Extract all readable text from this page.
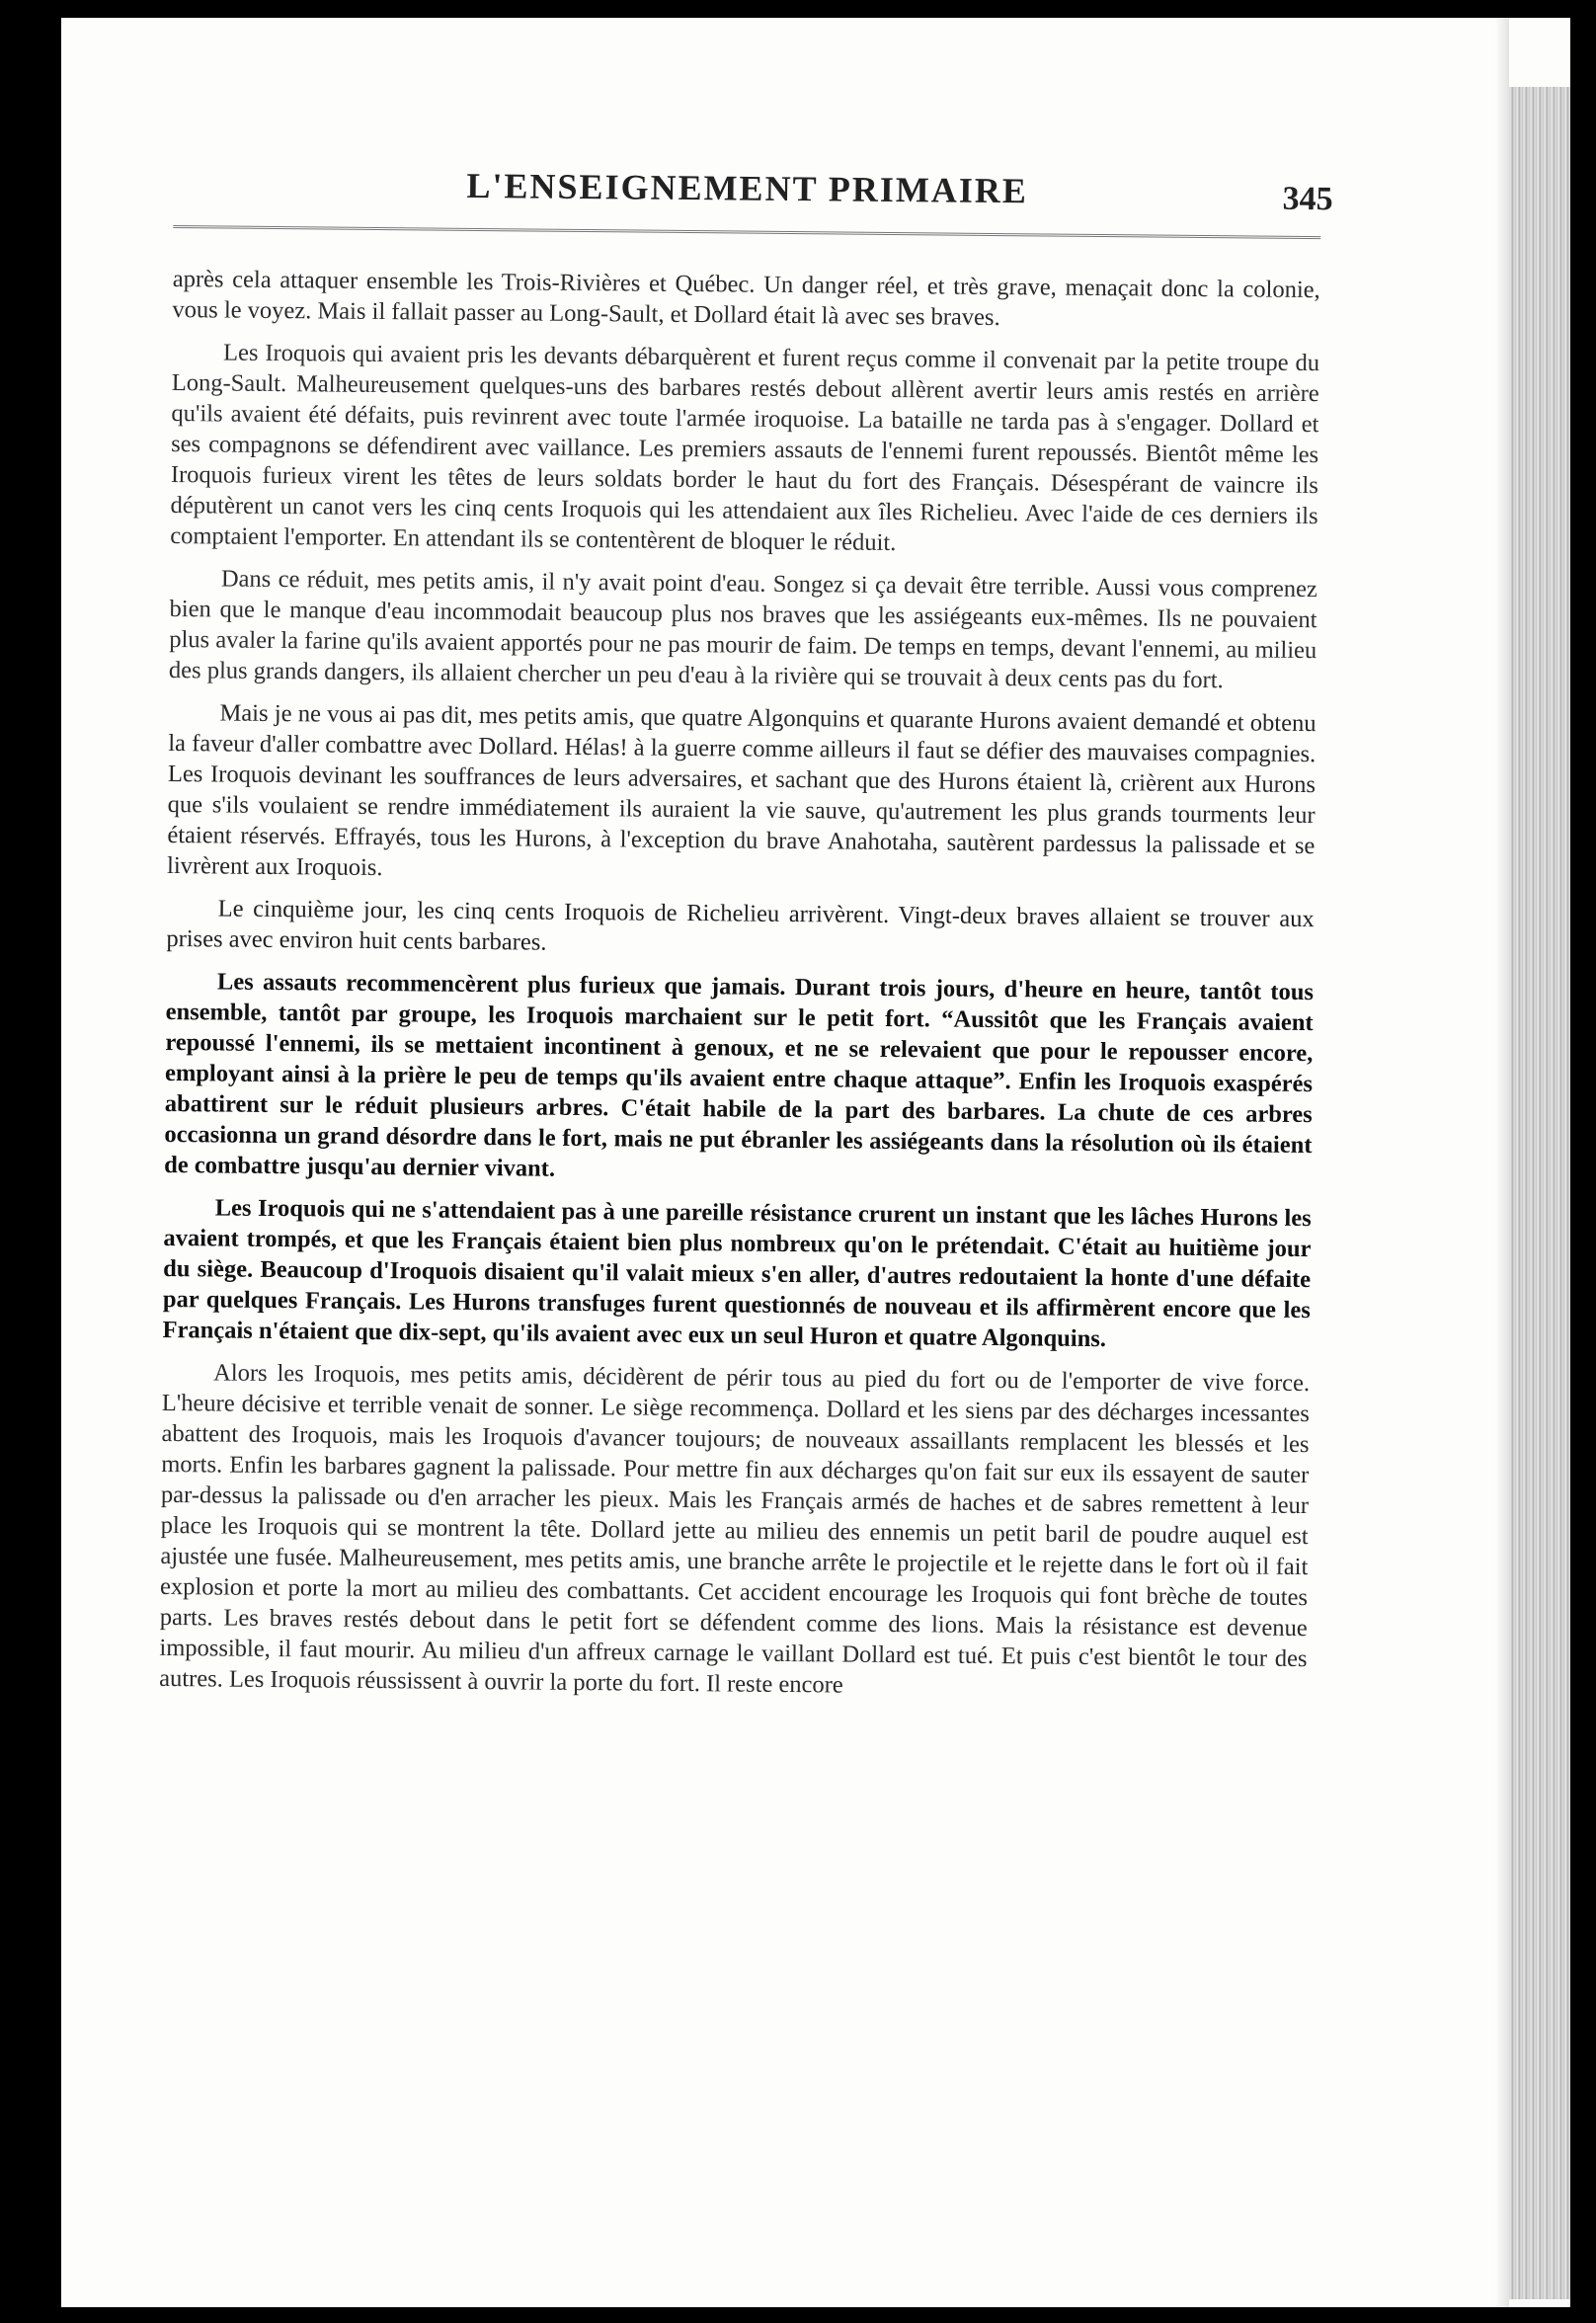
L'ENSEIGNEMENT PRIMAIRE	345

après cela attaquer ensemble les Trois-Rivières et Québec. Un danger réel, et très grave, menaçait donc la colonie, vous le voyez. Mais il fallait passer au Long-Sault, et Dollard était là avec ses braves.

Les Iroquois qui avaient pris les devants débarquèrent et furent reçus comme il convenait par la petite troupe du Long-Sault. Malheureusement quelques-uns des barbares restés debout allèrent avertir leurs amis restés en arrière qu'ils avaient été défaits, puis revinrent avec toute l'armée iroquoise. La bataille ne tarda pas à s'engager. Dollard et ses compagnons se défendirent avec vaillance. Les premiers assauts de l'ennemi furent repoussés. Bientôt même les Iroquois furieux virent les têtes de leurs soldats border le haut du fort des Français. Désespérant de vaincre ils députèrent un canot vers les cinq cents Iroquois qui les attendaient aux îles Richelieu. Avec l'aide de ces derniers ils comptaient l'emporter. En attendant ils se contentèrent de bloquer le réduit.

Dans ce réduit, mes petits amis, il n'y avait point d'eau. Songez si ça devait être terrible. Aussi vous comprenez bien que le manque d'eau incommodait beaucoup plus nos braves que les assiégeants eux-mêmes. Ils ne pouvaient plus avaler la farine qu'ils avaient apportés pour ne pas mourir de faim. De temps en temps, devant l'ennemi, au milieu des plus grands dangers, ils allaient chercher un peu d'eau à la rivière qui se trouvait à deux cents pas du fort.

Mais je ne vous ai pas dit, mes petits amis, que quatre Algonquins et quarante Hurons avaient demandé et obtenu la faveur d'aller combattre avec Dollard. Hélas! à la guerre comme ailleurs il faut se défier des mauvaises compagnies. Les Iroquois devinant les souffrances de leurs adversaires, et sachant que des Hurons étaient là, crièrent aux Hurons que s'ils voulaient se rendre immédiatement ils auraient la vie sauve, qu'autrement les plus grands tourments leur étaient réservés. Effrayés, tous les Hurons, à l'exception du brave Anahotaha, sautèrent pardessus la palissade et se livrèrent aux Iroquois.

Le cinquième jour, les cinq cents Iroquois de Richelieu arrivèrent. Vingt-deux braves allaient se trouver aux prises avec environ huit cents barbares.

Les assauts recommencèrent plus furieux que jamais. Durant trois jours, d'heure en heure, tantôt tous ensemble, tantôt par groupe, les Iroquois marchaient sur le petit fort. “Aussitôt que les Français avaient repoussé l'ennemi, ils se mettaient incontinent à genoux, et ne se relevaient que pour le repousser encore, employant ainsi à la prière le peu de temps qu'ils avaient entre chaque attaque”. Enfin les Iroquois exaspérés abattirent sur le réduit plusieurs arbres. C'était habile de la part des barbares. La chute de ces arbres occasionna un grand désordre dans le fort, mais ne put ébranler les assiégeants dans la résolution où ils étaient de combattre jusqu'au dernier vivant.

Les Iroquois qui ne s'attendaient pas à une pareille résistance crurent un instant que les lâches Hurons les avaient trompés, et que les Français étaient bien plus nombreux qu'on le prétendait. C'était au huitième jour du siège. Beaucoup d'Iroquois disaient qu'il valait mieux s'en aller, d'autres redoutaient la honte d'une défaite par quelques Français. Les Hurons transfuges furent questionnés de nouveau et ils affirmèrent encore que les Français n'étaient que dix-sept, qu'ils avaient avec eux un seul Huron et quatre Algonquins.

Alors les Iroquois, mes petits amis, décidèrent de périr tous au pied du fort ou de l'emporter de vive force. L'heure décisive et terrible venait de sonner. Le siège recommença. Dollard et les siens par des décharges incessantes abattent des Iroquois, mais les Iroquois d'avancer toujours; de nouveaux assaillants remplacent les blessés et les morts. Enfin les barbares gagnent la palissade. Pour mettre fin aux décharges qu'on fait sur eux ils essayent de sauter par-dessus la palissade ou d'en arracher les pieux. Mais les Français armés de haches et de sabres remettent à leur place les Iroquois qui se montrent la tête. Dollard jette au milieu des ennemis un petit baril de poudre auquel est ajustée une fusée. Malheureusement, mes petits amis, une branche arrête le projectile et le rejette dans le fort où il fait explosion et porte la mort au milieu des combattants. Cet accident encourage les Iroquois qui font brèche de toutes parts. Les braves restés debout dans le petit fort se défendent comme des lions. Mais la résistance est devenue impossible, il faut mourir. Au milieu d'un affreux carnage le vaillant Dollard est tué. Et puis c'est bientôt le tour des autres. Les Iroquois réussissent à ouvrir la porte du fort. Il reste encore
